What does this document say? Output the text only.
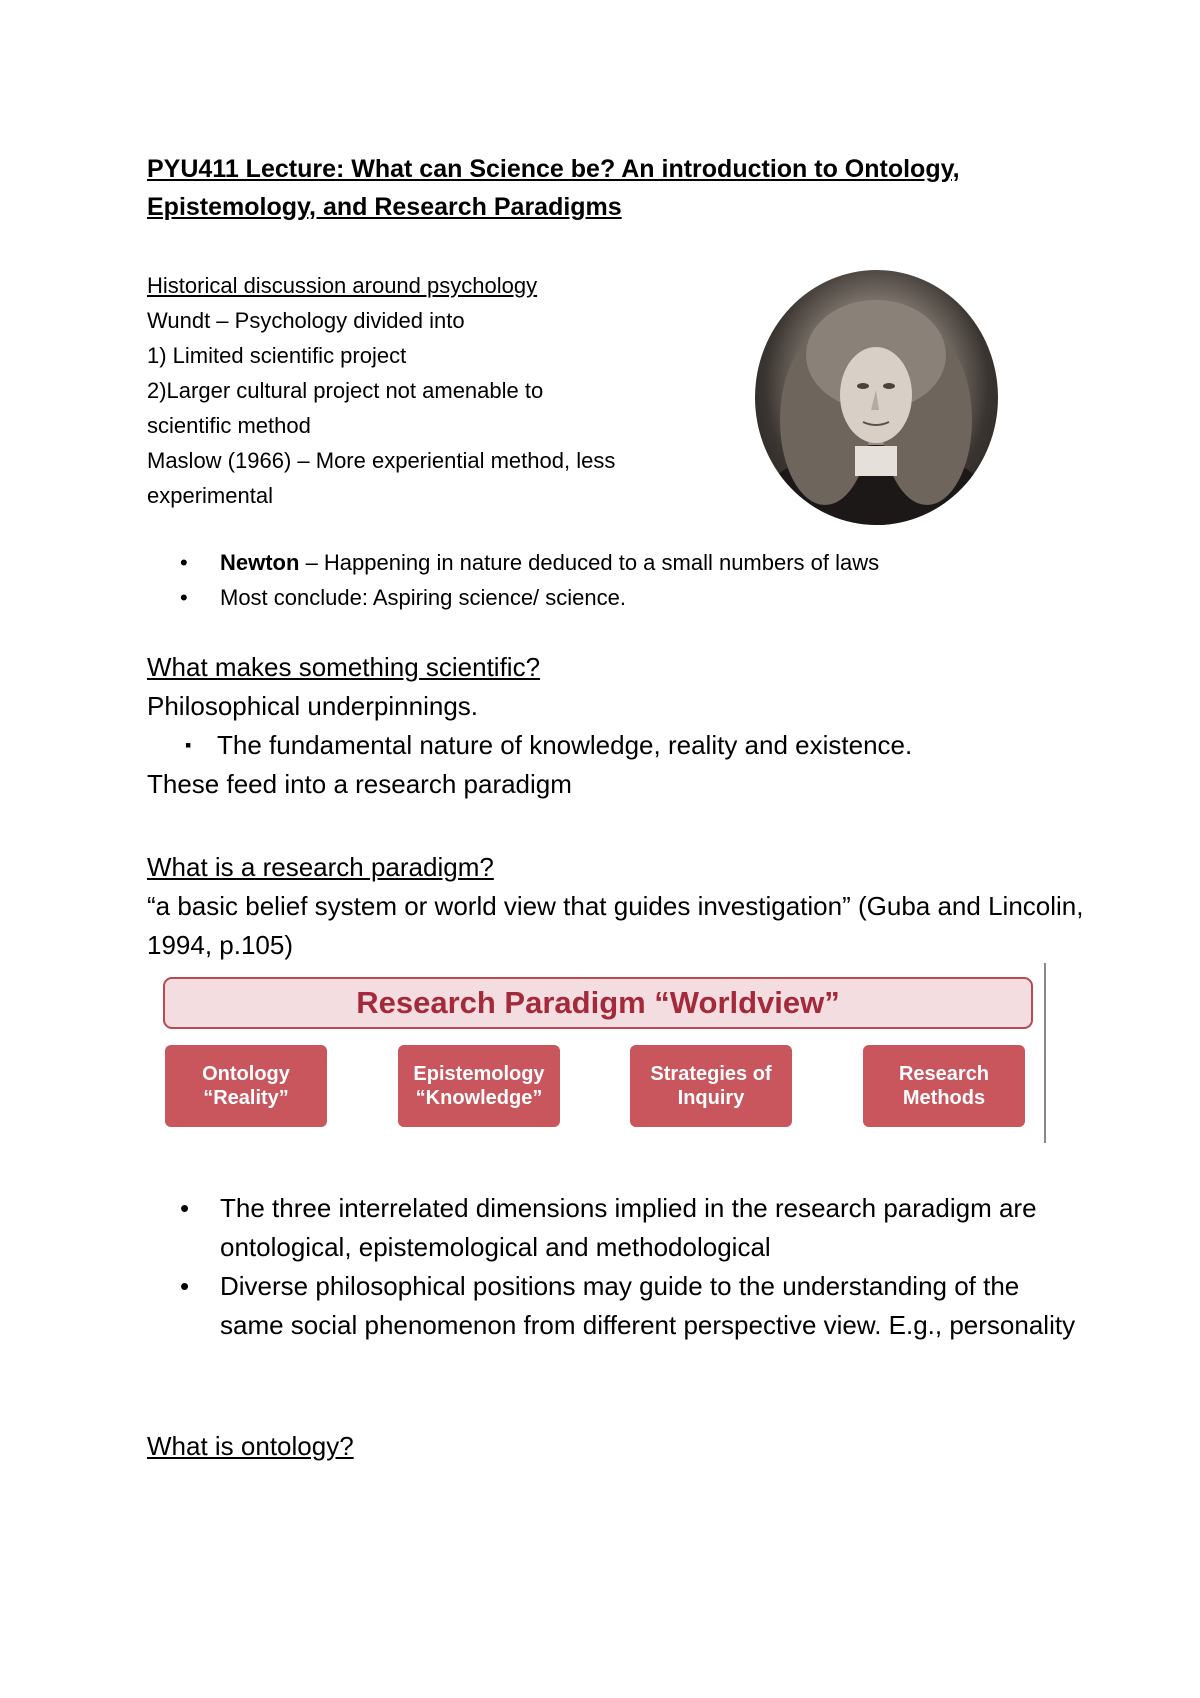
PYU411 Lecture: What can Science be? An introduction to Ontology, Epistemology, and Research Paradigms
Historical discussion around psychology
Wundt – Psychology divided into
1) Limited scientific project
2)Larger cultural project not amenable to
scientific method
Maslow (1966) – More experiential method, less
experimental
• Newton – Happening in nature deduced to a small numbers of laws
• Most conclude: Aspiring science/ science.
What makes something scientific?
Philosophical underpinnings.
▪ The fundamental nature of knowledge, reality and existence.
These feed into a research paradigm
What is a research paradigm?
“a basic belief system or world view that guides investigation” (Guba and Lincolin, 1994, p.105)
Research Paradigm “Worldview”
Ontology
“Reality”
Epistemology
“Knowledge”
Strategies of
Inquiry
Research
Methods
• The three interrelated dimensions implied in the research paradigm are ontological, epistemological and methodological
• Diverse philosophical positions may guide to the understanding of the same social phenomenon from different perspective view. E.g., personality
What is ontology?
